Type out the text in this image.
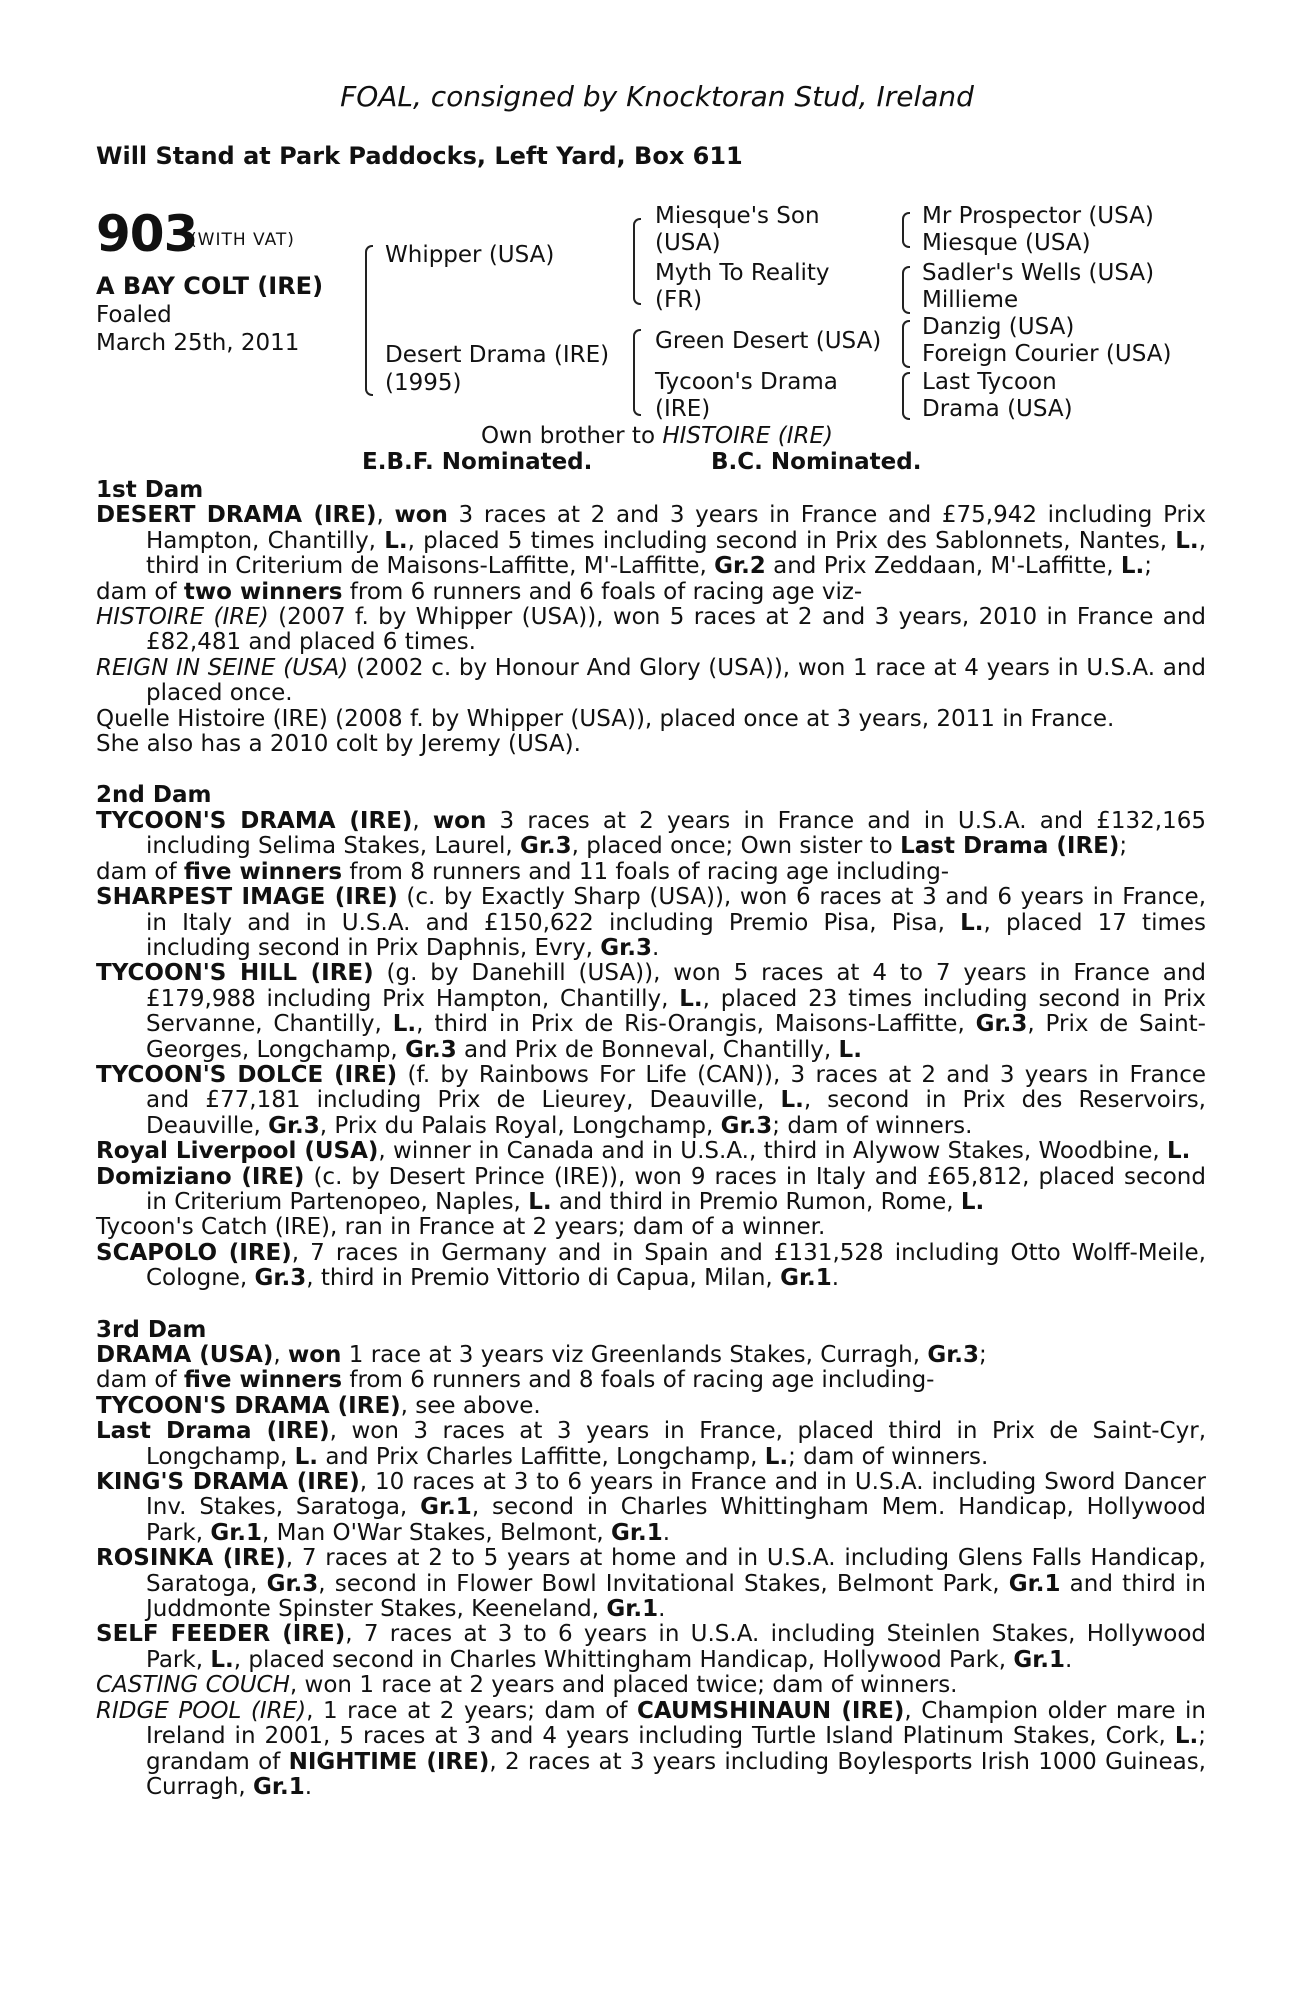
FOAL, consigned by Knocktoran Stud, Ireland
Will Stand at Park Paddocks, Left Yard, Box 611
903
(WITH VAT)
A BAY COLT (IRE)
Foaled
March 25th, 2011
Whipper (USA)
Desert Drama (IRE)
(1995)
Miesque's Son
(USA)
Myth To Reality
(FR)
Green Desert (USA)
Tycoon's Drama
(IRE)
Mr Prospector (USA)
Miesque (USA)
Sadler's Wells (USA)
Millieme
Danzig (USA)
Foreign Courier (USA)
Last Tycoon
Drama (USA)
Own brother to HISTOIRE (IRE)
E.B.F. Nominated.	B.C. Nominated.

1st Dam

DESERT DRAMA (IRE), won 3 races at 2 and 3 years in France and £75,942 including Prix Hampton, Chantilly, L., placed 5 times including second in Prix des Sablonnets, Nantes, L., third in Criterium de Maisons-Laffitte, M'-Laffitte, Gr.2 and Prix Zeddaan, M'-Laffitte, L.;

dam of two winners from 6 runners and 6 foals of racing age viz-

HISTOIRE (IRE) (2007 f. by Whipper (USA)), won 5 races at 2 and 3 years, 2010 in France and £82,481 and placed 6 times.

REIGN IN SEINE (USA) (2002 c. by Honour And Glory (USA)), won 1 race at 4 years in U.S.A. and placed once.

Quelle Histoire (IRE) (2008 f. by Whipper (USA)), placed once at 3 years, 2011 in France.

She also has a 2010 colt by Jeremy (USA).

2nd Dam

TYCOON'S DRAMA (IRE), won 3 races at 2 years in France and in U.S.A. and £132,165 including Selima Stakes, Laurel, Gr.3, placed once; Own sister to Last Drama (IRE);

dam of five winners from 8 runners and 11 foals of racing age including-

SHARPEST IMAGE (IRE) (c. by Exactly Sharp (USA)), won 6 races at 3 and 6 years in France, in Italy and in U.S.A. and £150,622 including Premio Pisa, Pisa, L., placed 17 times including second in Prix Daphnis, Evry, Gr.3.

TYCOON'S HILL (IRE) (g. by Danehill (USA)), won 5 races at 4 to 7 years in France and £179,988 including Prix Hampton, Chantilly, L., placed 23 times including second in Prix Servanne, Chantilly, L., third in Prix de Ris-Orangis, Maisons-Laffitte, Gr.3, Prix de Saint-Georges, Longchamp, Gr.3 and Prix de Bonneval, Chantilly, L.

TYCOON'S DOLCE (IRE) (f. by Rainbows For Life (CAN)), 3 races at 2 and 3 years in France and £77,181 including Prix de Lieurey, Deauville, L., second in Prix des Reservoirs, Deauville, Gr.3, Prix du Palais Royal, Longchamp, Gr.3; dam of winners.

Royal Liverpool (USA), winner in Canada and in U.S.A., third in Alywow Stakes, Woodbine, L.

Domiziano (IRE) (c. by Desert Prince (IRE)), won 9 races in Italy and £65,812, placed second in Criterium Partenopeo, Naples, L. and third in Premio Rumon, Rome, L.

Tycoon's Catch (IRE), ran in France at 2 years; dam of a winner.

SCAPOLO (IRE), 7 races in Germany and in Spain and £131,528 including Otto Wolff-Meile, Cologne, Gr.3, third in Premio Vittorio di Capua, Milan, Gr.1.

3rd Dam

DRAMA (USA), won 1 race at 3 years viz Greenlands Stakes, Curragh, Gr.3;

dam of five winners from 6 runners and 8 foals of racing age including-

TYCOON'S DRAMA (IRE), see above.

Last Drama (IRE), won 3 races at 3 years in France, placed third in Prix de Saint-Cyr, Longchamp, L. and Prix Charles Laffitte, Longchamp, L.; dam of winners.

KING'S DRAMA (IRE), 10 races at 3 to 6 years in France and in U.S.A. including Sword Dancer Inv. Stakes, Saratoga, Gr.1, second in Charles Whittingham Mem. Handicap, Hollywood Park, Gr.1, Man O'War Stakes, Belmont, Gr.1.

ROSINKA (IRE), 7 races at 2 to 5 years at home and in U.S.A. including Glens Falls Handicap, Saratoga, Gr.3, second in Flower Bowl Invitational Stakes, Belmont Park, Gr.1 and third in Juddmonte Spinster Stakes, Keeneland, Gr.1.

SELF FEEDER (IRE), 7 races at 3 to 6 years in U.S.A. including Steinlen Stakes, Hollywood Park, L., placed second in Charles Whittingham Handicap, Hollywood Park, Gr.1.

CASTING COUCH, won 1 race at 2 years and placed twice; dam of winners.

RIDGE POOL (IRE), 1 race at 2 years; dam of CAUMSHINAUN (IRE), Champion older mare in Ireland in 2001, 5 races at 3 and 4 years including Turtle Island Platinum Stakes, Cork, L.; grandam of NIGHTIME (IRE), 2 races at 3 years including Boylesports Irish 1000 Guineas, Curragh, Gr.1.
